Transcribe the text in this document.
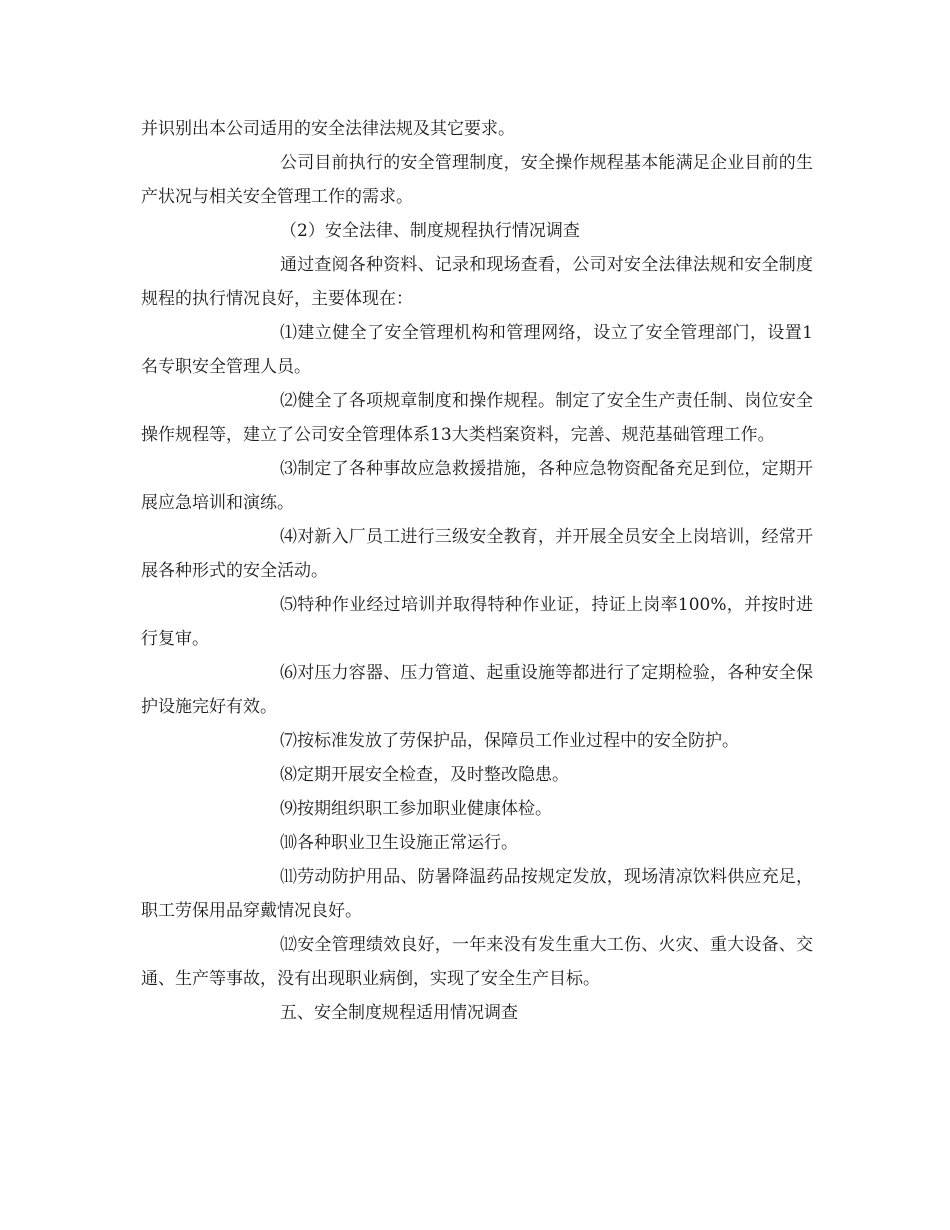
并识别出本公司适用的安全法律法规及其它要求。

公司目前执行的安全管理制度，安全操作规程基本能满足企业目前的生产状况与相关安全管理工作的需求。

（2）安全法律、制度规程执行情况调查

通过查阅各种资料、记录和现场查看，公司对安全法律法规和安全制度规程的执行情况良好，主要体现在：

⑴建立健全了安全管理机构和管理网络，设立了安全管理部门，设置1名专职安全管理人员。

⑵健全了各项规章制度和操作规程。制定了安全生产责任制、岗位安全操作规程等，建立了公司安全管理体系13大类档案资料，完善、规范基础管理工作。

⑶制定了各种事故应急救援措施，各种应急物资配备充足到位，定期开展应急培训和演练。

⑷对新入厂员工进行三级安全教育，并开展全员安全上岗培训，经常开展各种形式的安全活动。

⑸特种作业经过培训并取得特种作业证，持证上岗率100%，并按时进行复审。

⑹对压力容器、压力管道、起重设施等都进行了定期检验，各种安全保护设施完好有效。

⑺按标准发放了劳保护品，保障员工作业过程中的安全防护。

⑻定期开展安全检查，及时整改隐患。

⑼按期组织职工参加职业健康体检。

⑽各种职业卫生设施正常运行。

⑾劳动防护用品、防暑降温药品按规定发放，现场清凉饮料供应充足，职工劳保用品穿戴情况良好。

⑿安全管理绩效良好，一年来没有发生重大工伤、火灾、重大设备、交通、生产等事故，没有出现职业病倒，实现了安全生产目标。

五、安全制度规程适用情况调查
